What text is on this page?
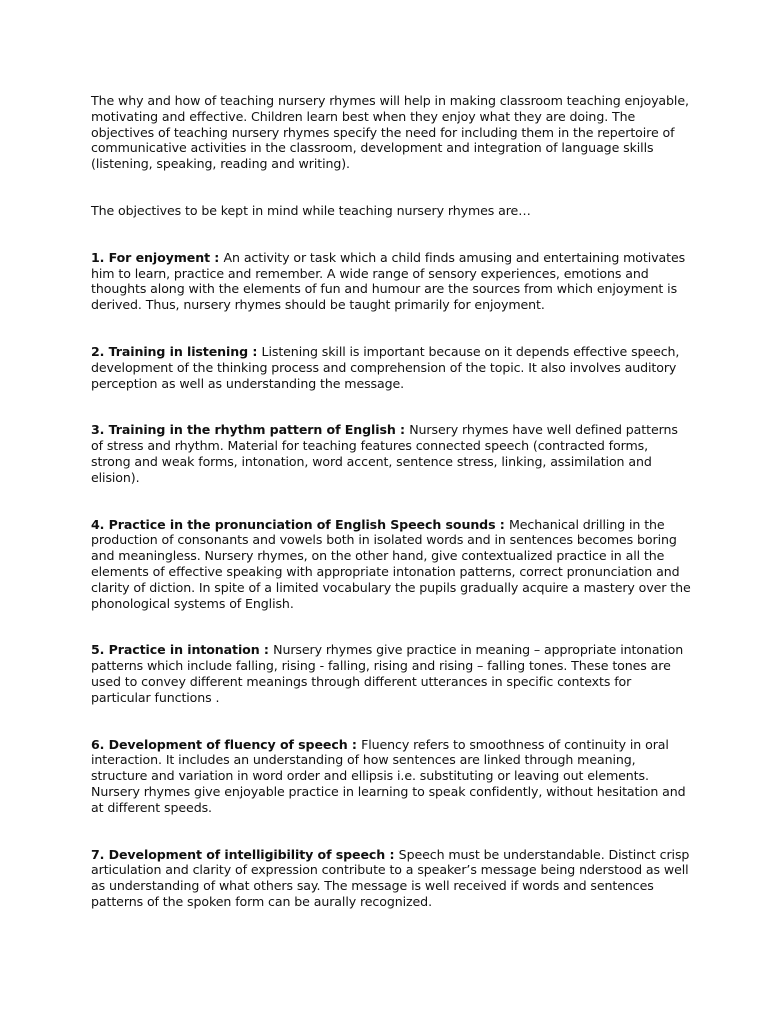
The why and how of teaching nursery rhymes will help in making classroom teaching enjoyable, motivating and effective. Children learn best when they enjoy what they are doing. The objectives of teaching nursery rhymes specify the need for including them in the repertoire of communicative activities in the classroom, development and integration of language skills (listening, speaking, reading and writing).

The objectives to be kept in mind while teaching nursery rhymes are…

1. For enjoyment : An activity or task which a child finds amusing and entertaining motivates him to learn, practice and remember. A wide range of sensory experiences, emotions and thoughts along with the elements of fun and humour are the sources from which enjoyment is derived. Thus, nursery rhymes should be taught primarily for enjoyment.

2. Training in listening : Listening skill is important because on it depends effective speech, development of the thinking process and comprehension of the topic. It also involves auditory perception as well as understanding the message.

3. Training in the rhythm pattern of English : Nursery rhymes have well defined patterns of stress and rhythm. Material for teaching features connected speech (contracted forms, strong and weak forms, intonation, word accent, sentence stress, linking, assimilation and elision).

4. Practice in the pronunciation of English Speech sounds : Mechanical drilling in the production of consonants and vowels both in isolated words and in sentences becomes boring and meaningless. Nursery rhymes, on the other hand, give contextualized practice in all the elements of effective speaking with appropriate intonation patterns, correct pronunciation and clarity of diction. In spite of a limited vocabulary the pupils gradually acquire a mastery over the phonological systems of English.

5. Practice in intonation : Nursery rhymes give practice in meaning – appropriate intonation patterns which include falling, rising - falling, rising and rising – falling tones. These tones are used to convey different meanings through different utterances in specific contexts for particular functions .

6. Development of fluency of speech : Fluency refers to smoothness of continuity in oral interaction. It includes an understanding of how sentences are linked through meaning, structure and variation in word order and ellipsis i.e. substituting or leaving out elements. Nursery rhymes give enjoyable practice in learning to speak confidently, without hesitation and at different speeds.

7. Development of intelligibility of speech : Speech must be understandable. Distinct crisp articulation and clarity of expression contribute to a speaker’s message being nderstood as well as understanding of what others say. The message is well received if words and sentences patterns of the spoken form can be aurally recognized.
